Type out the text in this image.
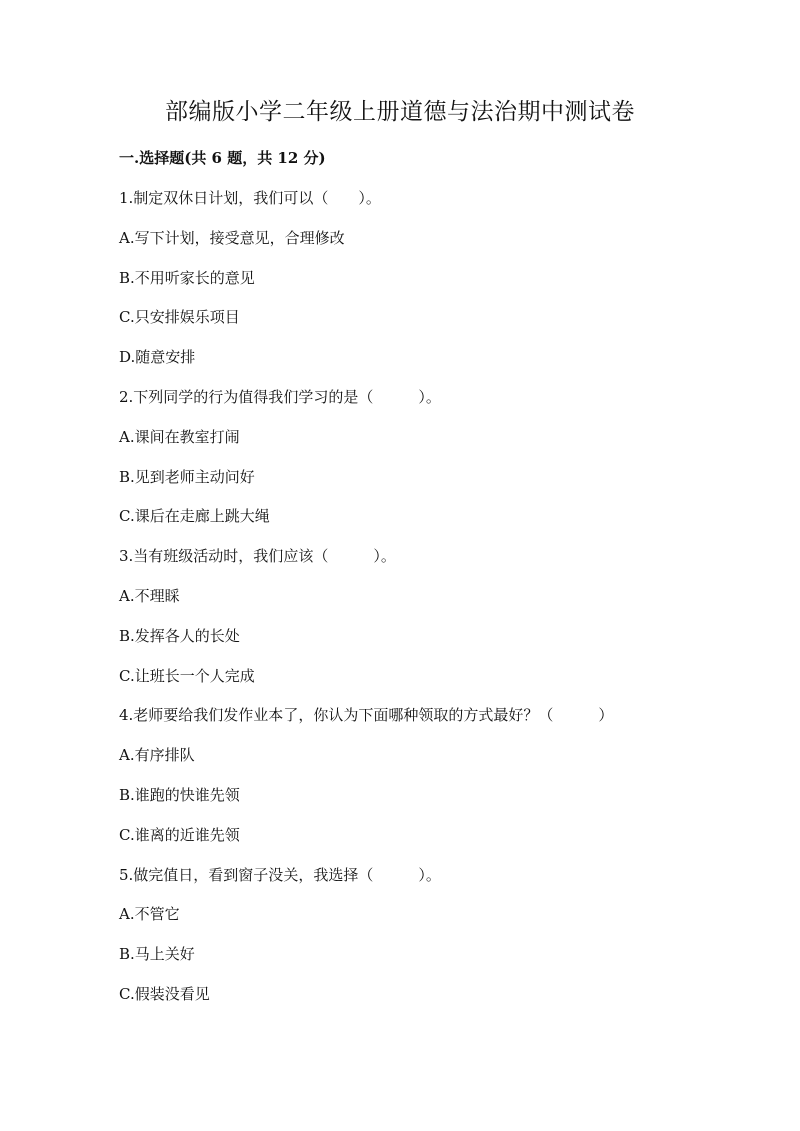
部编版小学二年级上册道德与法治期中测试卷
一.选择题(共 6 题，共 12 分)
1.制定双休日计划，我们可以（　　）。
A.写下计划，接受意见，合理修改
B.不用听家长的意见
C.只安排娱乐项目
D.随意安排
2.下列同学的行为值得我们学习的是（　　　）。
A.课间在教室打闹
B.见到老师主动问好
C.课后在走廊上跳大绳
3.当有班级活动时，我们应该（　　　）。
A.不理睬
B.发挥各人的长处
C.让班长一个人完成
4.老师要给我们发作业本了，你认为下面哪种领取的方式最好？（　　　）
A.有序排队
B.谁跑的快谁先领
C.谁离的近谁先领
5.做完值日，看到窗子没关，我选择（　　　）。
A.不管它
B.马上关好
C.假装没看见
